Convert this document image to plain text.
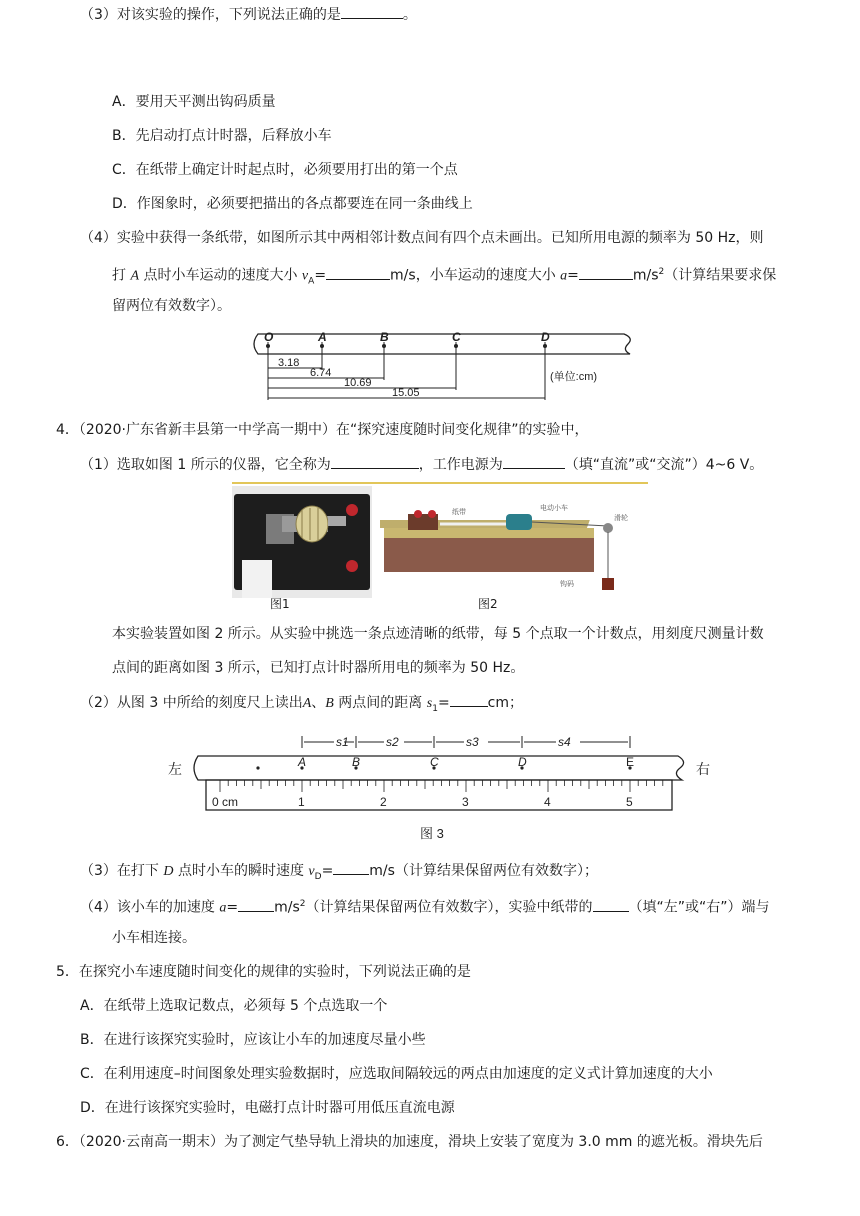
（3）对该实验的操作，下列说法正确的是	。
A．要用天平测出钩码质量
B．先启动打点计时器，后释放小车
C．在纸带上确定计时起点时，必须要用打出的第一个点
D．作图象时，必须要把描出的各点都要连在同一条曲线上
（4）实验中获得一条纸带，如图所示其中两相邻计数点间有四个点未画出。已知所用电源的频率为 50 Hz，则
打 A 点时小车运动的速度大小 $v_A=$	m/s，小车运动的速度大小 a=	$m/s^2$（计算结果要求保
留两位有效数字）。
O	A	B	C	D
3.18
6.74
10.69
15.05
(单位:cm)
4．（2020·广东省新丰县第一中学高一期中）在“探究速度随时间变化规律”的实验中，
（1）选取如图 1 所示的仪器，它全称为	，工作电源为	（填“直流”或“交流”）4~6 V。
图1
纸带
电动小车
滑轮
钩码
图2
本实验装置如图 2 所示。从实验中挑选一条点迹清晰的纸带，每 5 个点取一个计数点，用刻度尺测量计数
点间的距离如图 3 所示，已知打点计时器所用电的频率为 50 Hz。
（2）从图 3 中所给的刻度尺上读出A、B 两点间的距离 $s_1=$	cm；
左	右
s1	s2	s3	s4
A	B	C	D	E
0 cm	1	2	3	4	5
图 3
（3）在打下 D 点时小车的瞬时速度 $v_D=$	m/s（计算结果保留两位有效数字）；
（4）该小车的加速度 a=	$m/s^2$（计算结果保留两位有效数字），实验中纸带的	（填“左”或“右”）端与
小车相连接。
5．在探究小车速度随时间变化的规律的实验时，下列说法正确的是
A．在纸带上选取记数点，必须每 5 个点选取一个
B．在进行该探究实验时，应该让小车的加速度尽量小些
C．在利用速度–时间图象处理实验数据时，应选取间隔较远的两点由加速度的定义式计算加速度的大小
D．在进行该探究实验时，电磁打点计时器可用低压直流电源
6．（2020·云南高一期末）为了测定气垫导轨上滑块的加速度，滑块上安装了宽度为 3.0 mm 的遮光板。滑块先后
